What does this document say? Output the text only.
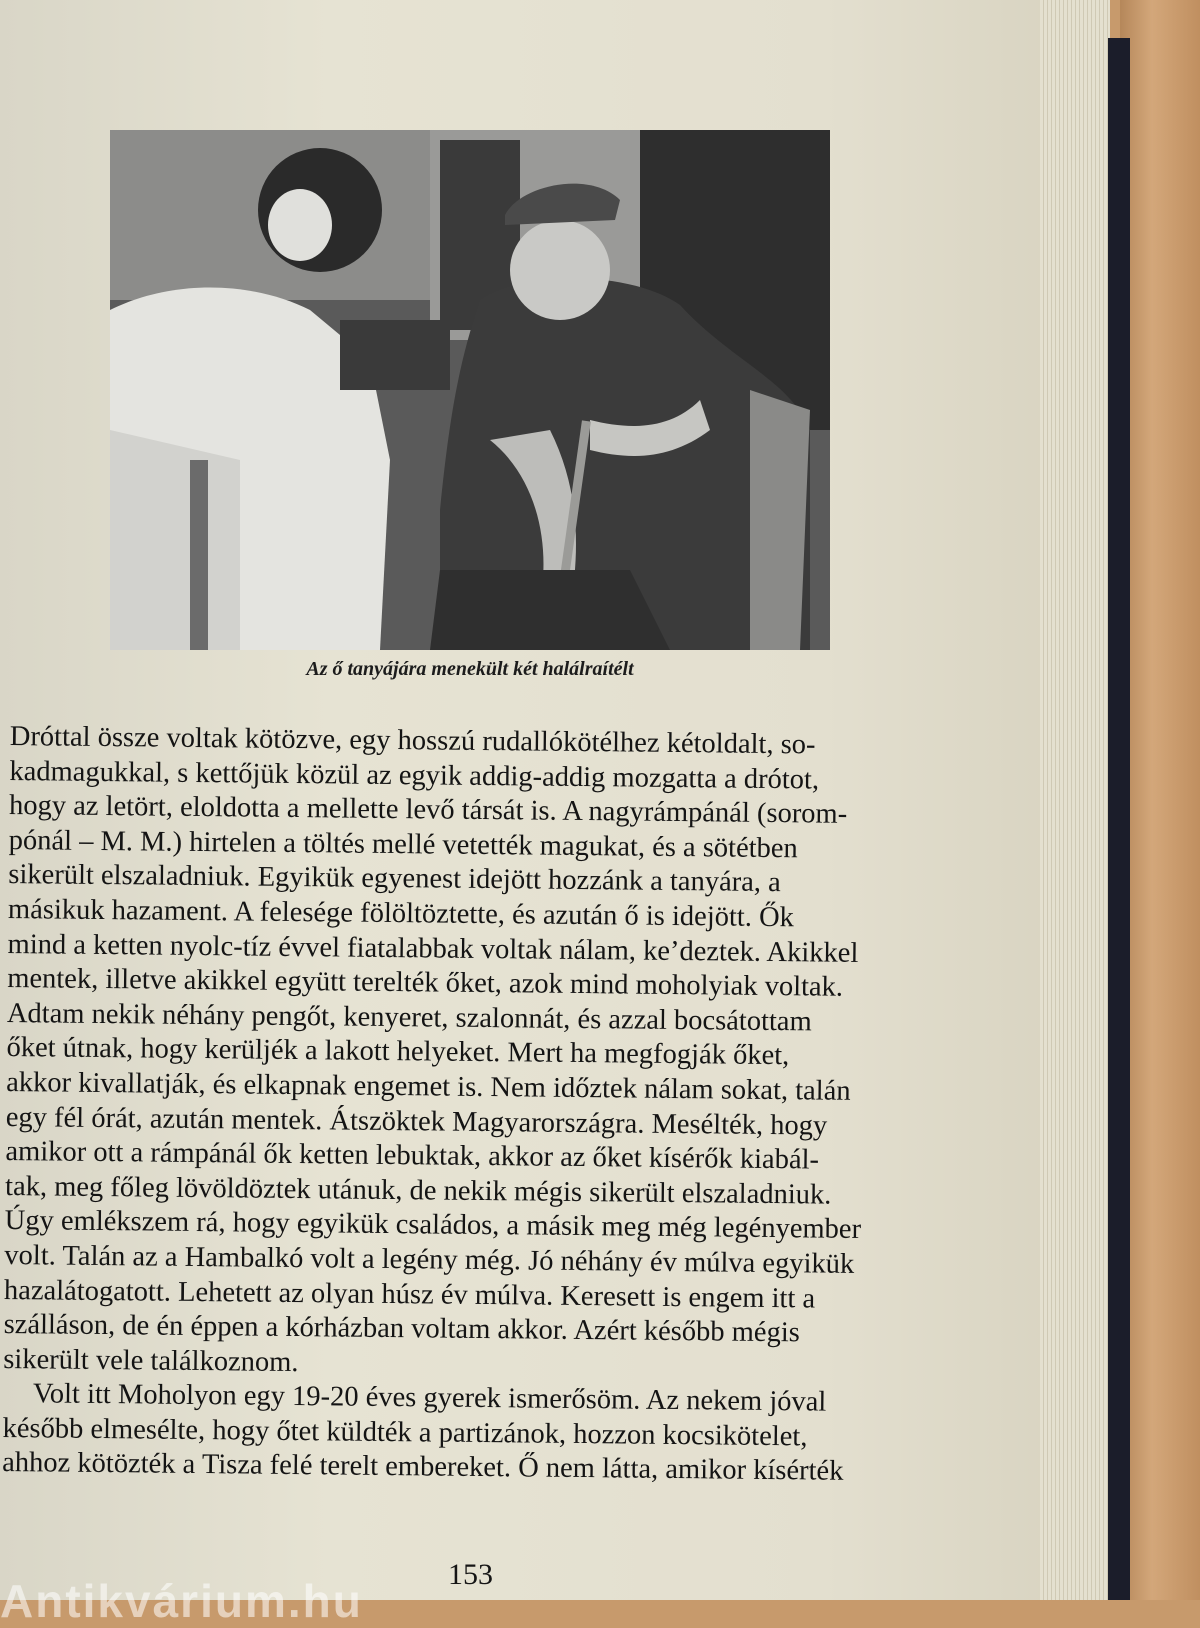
Az ő tanyájára menekült két halálraítélt
Dróttal össze voltak kötözve, egy hosszú rudallókötélhez kétoldalt, so-
kadmagukkal, s kettőjük közül az egyik addig-addig mozgatta a drótot,
hogy az letört, eloldotta a mellette levő társát is. A nagyrámpánál (sorom-
pónál – M. M.) hirtelen a töltés mellé vetették magukat, és a sötétben
sikerült elszaladniuk. Egyikük egyenest idejött hozzánk a tanyára, a
másikuk hazament. A felesége fölöltöztette, és azután ő is idejött. Ők
mind a ketten nyolc-tíz évvel fiatalabbak voltak nálam, ke’deztek. Akikkel
mentek, illetve akikkel együtt terelték őket, azok mind moholyiak voltak.
Adtam nekik néhány pengőt, kenyeret, szalonnát, és azzal bocsátottam
őket útnak, hogy kerüljék a lakott helyeket. Mert ha megfogják őket,
akkor kivallatják, és elkapnak engemet is. Nem időztek nálam sokat, talán
egy fél órát, azután mentek. Átszöktek Magyarországra. Mesélték, hogy
amikor ott a rámpánál ők ketten lebuktak, akkor az őket kísérők kiabál-
tak, meg főleg lövöldöztek utánuk, de nekik mégis sikerült elszaladniuk.
Úgy emlékszem rá, hogy egyikük családos, a másik meg még legényember
volt. Talán az a Hambalkó volt a legény még. Jó néhány év múlva egyikük
hazalátogatott. Lehetett az olyan húsz év múlva. Keresett is engem itt a
szálláson, de én éppen a kórházban voltam akkor. Azért később mégis
sikerült vele találkoznom.
Volt itt Moholyon egy 19-20 éves gyerek ismerősöm. Az nekem jóval
később elmesélte, hogy őtet küldték a partizánok, hozzon kocsikötelet,
ahhoz kötözték a Tisza felé terelt embereket. Ő nem látta, amikor kísérték
153
Antikvárium.hu
